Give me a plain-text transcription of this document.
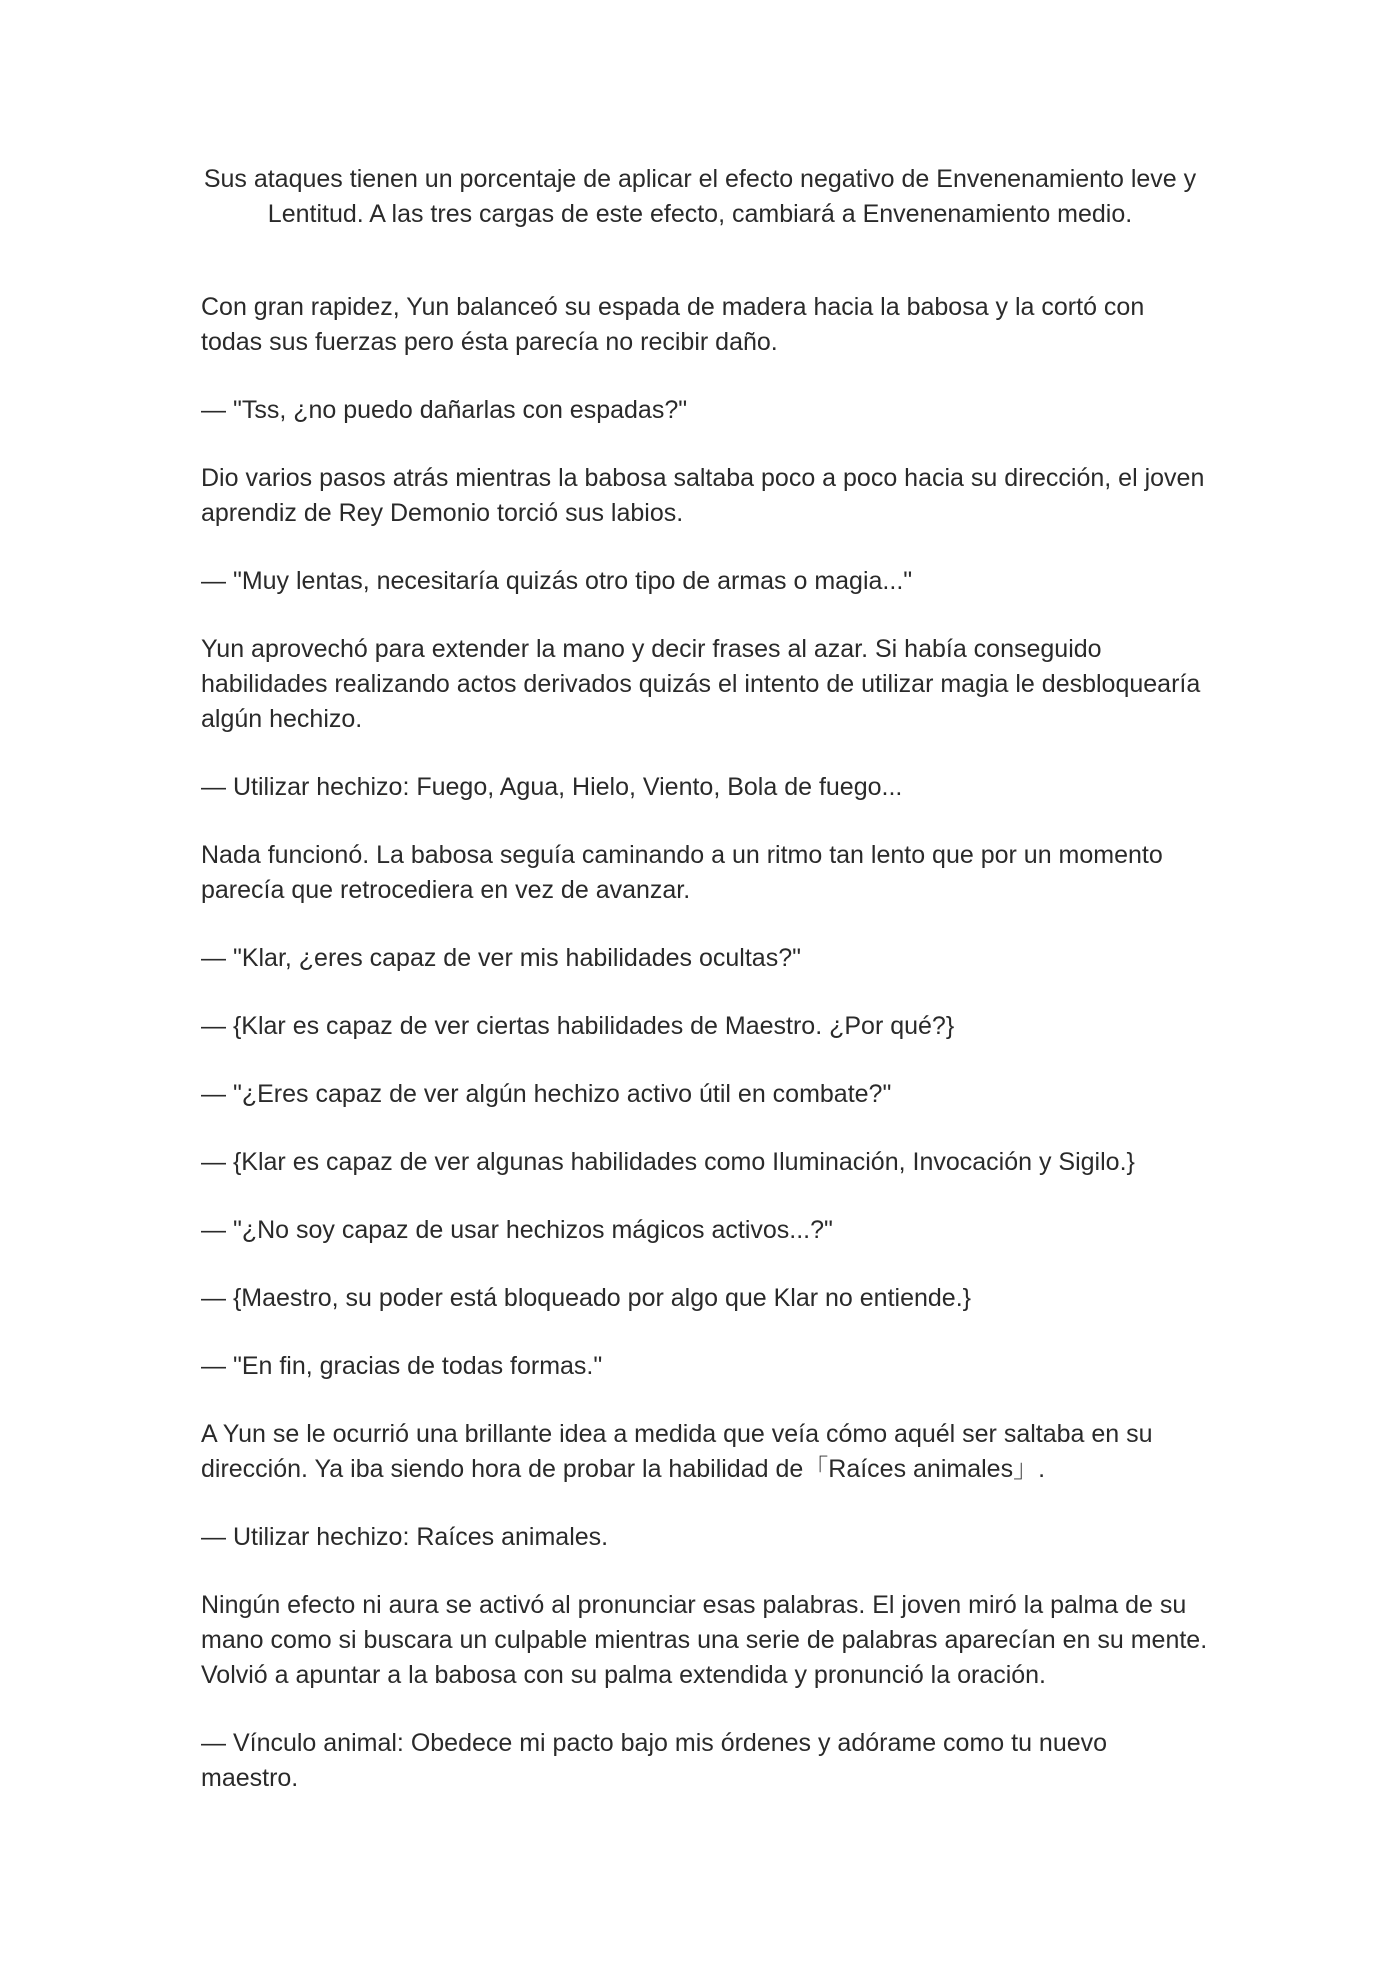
Sus ataques tienen un porcentaje de aplicar el efecto negativo de Envenenamiento leve y Lentitud. A las tres cargas de este efecto, cambiará a Envenenamiento medio.

Con gran rapidez, Yun balanceó su espada de madera hacia la babosa y la cortó con todas sus fuerzas pero ésta parecía no recibir daño.

— "Tss, ¿no puedo dañarlas con espadas?"

Dio varios pasos atrás mientras la babosa saltaba poco a poco hacia su dirección, el joven aprendiz de Rey Demonio torció sus labios.

— "Muy lentas, necesitaría quizás otro tipo de armas o magia..."

Yun aprovechó para extender la mano y decir frases al azar. Si había conseguido habilidades realizando actos derivados quizás el intento de utilizar magia le desbloquearía algún hechizo.

— Utilizar hechizo: Fuego, Agua, Hielo, Viento, Bola de fuego...

Nada funcionó. La babosa seguía caminando a un ritmo tan lento que por un momento parecía que retrocediera en vez de avanzar.

— "Klar, ¿eres capaz de ver mis habilidades ocultas?"

— {Klar es capaz de ver ciertas habilidades de Maestro. ¿Por qué?}

— "¿Eres capaz de ver algún hechizo activo útil en combate?"

— {Klar es capaz de ver algunas habilidades como Iluminación, Invocación y Sigilo.}

— "¿No soy capaz de usar hechizos mágicos activos...?"

— {Maestro, su poder está bloqueado por algo que Klar no entiende.}

— "En fin, gracias de todas formas."

A Yun se le ocurrió una brillante idea a medida que veía cómo aquél ser saltaba en su dirección. Ya iba siendo hora de probar la habilidad de「Raíces animales」.

— Utilizar hechizo: Raíces animales.

Ningún efecto ni aura se activó al pronunciar esas palabras. El joven miró la palma de su mano como si buscara un culpable mientras una serie de palabras aparecían en su mente. Volvió a apuntar a la babosa con su palma extendida y pronunció la oración.

— Vínculo animal: Obedece mi pacto bajo mis órdenes y adórame como tu nuevo maestro.
